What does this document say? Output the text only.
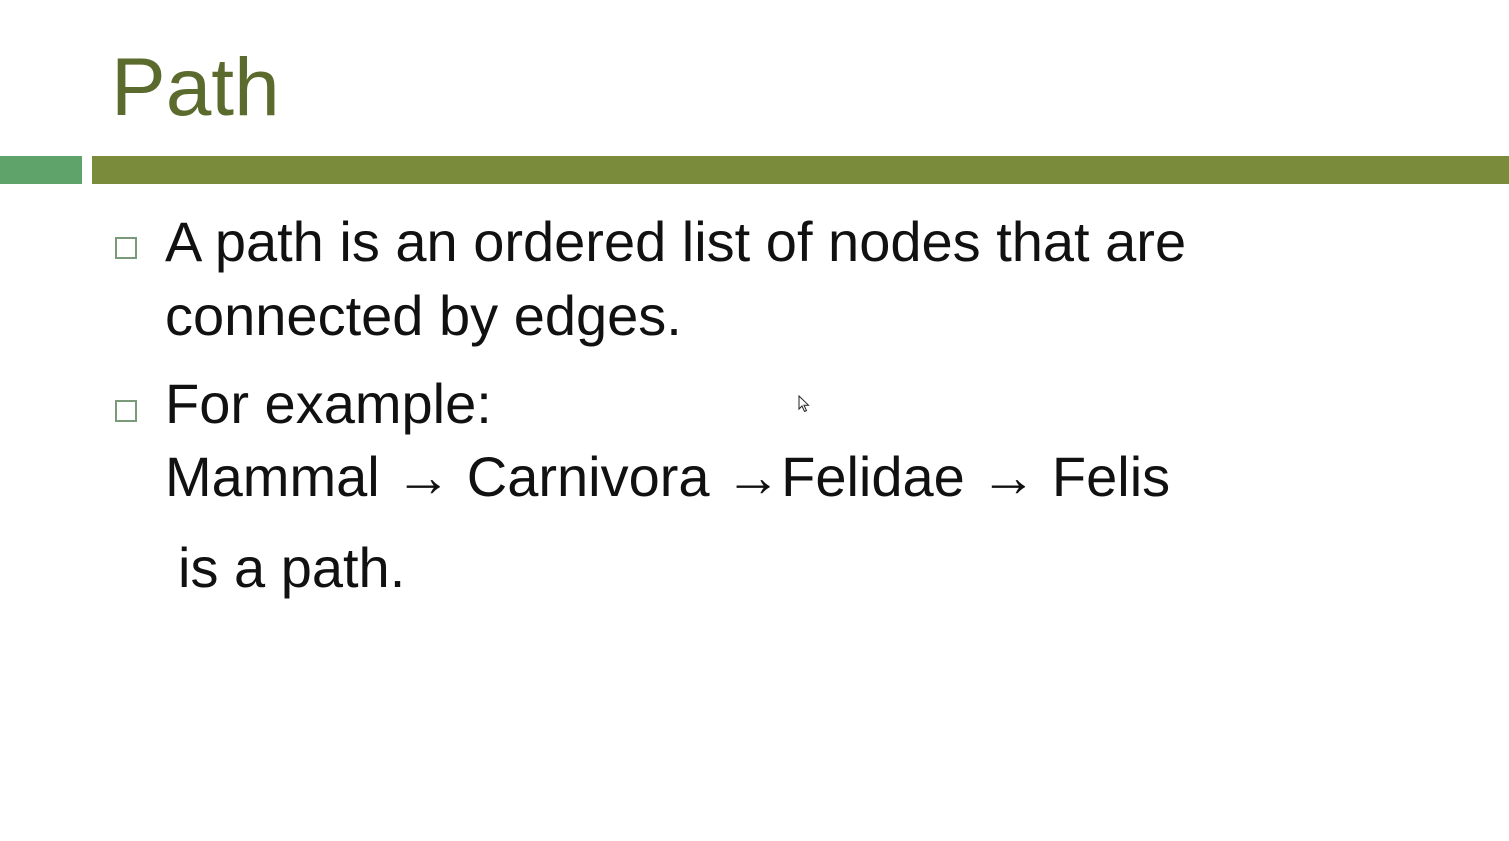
Path
A path is an ordered list of nodes that are
connected by edges.
For example:
Mammal → Carnivora →Felidae → Felis
is a path.
